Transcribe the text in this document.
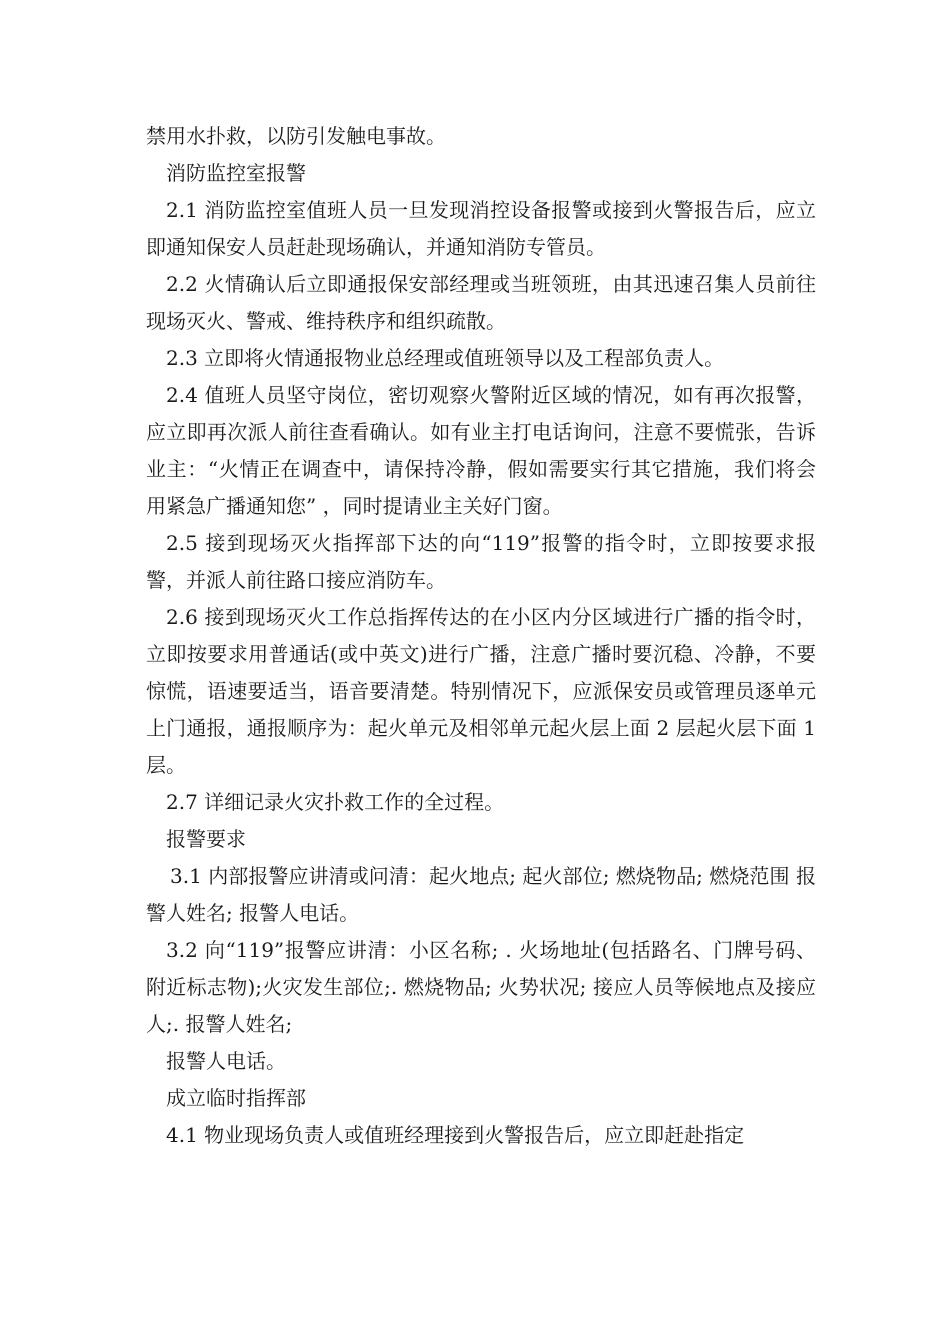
禁用水扑救，以防引发触电事故。

消防监控室报警

2.1 消防监控室值班人员一旦发现消控设备报警或接到火警报告后，应立即通知保安人员赶赴现场确认，并通知消防专管员。

2.2 火情确认后立即通报保安部经理或当班领班，由其迅速召集人员前往现场灭火、警戒、维持秩序和组织疏散。

2.3 立即将火情通报物业总经理或值班领导以及工程部负责人。

2.4 值班人员坚守岗位，密切观察火警附近区域的情况，如有再次报警，应立即再次派人前往查看确认。如有业主打电话询问，注意不要慌张，告诉业主：“火情正在调查中，请保持冷静，假如需要实行其它措施，我们将会用紧急广播通知您” ，同时提请业主关好门窗。

2.5 接到现场灭火指挥部下达的向“119”报警的指令时，立即按要求报警，并派人前往路口接应消防车。

2.6 接到现场灭火工作总指挥传达的在小区内分区域进行广播的指令时，立即按要求用普通话(或中英文)进行广播，注意广播时要沉稳、冷静，不要惊慌，语速要适当，语音要清楚。特别情况下，应派保安员或管理员逐单元上门通报，通报顺序为：起火单元及相邻单元起火层上面 2 层起火层下面 1 层。

2.7 详细记录火灾扑救工作的全过程。

报警要求

3.1 内部报警应讲清或问清：起火地点; 起火部位; 燃烧物品; 燃烧范围 报警人姓名; 报警人电话。

3.2 向“119”报警应讲清：小区名称; . 火场地址(包括路名、门牌号码、附近标志物);火灾发生部位;. 燃烧物品; 火势状况; 接应人员等候地点及接应人;. 报警人姓名;

报警人电话。

成立临时指挥部

4.1 物业现场负责人或值班经理接到火警报告后，应立即赶赴指定
